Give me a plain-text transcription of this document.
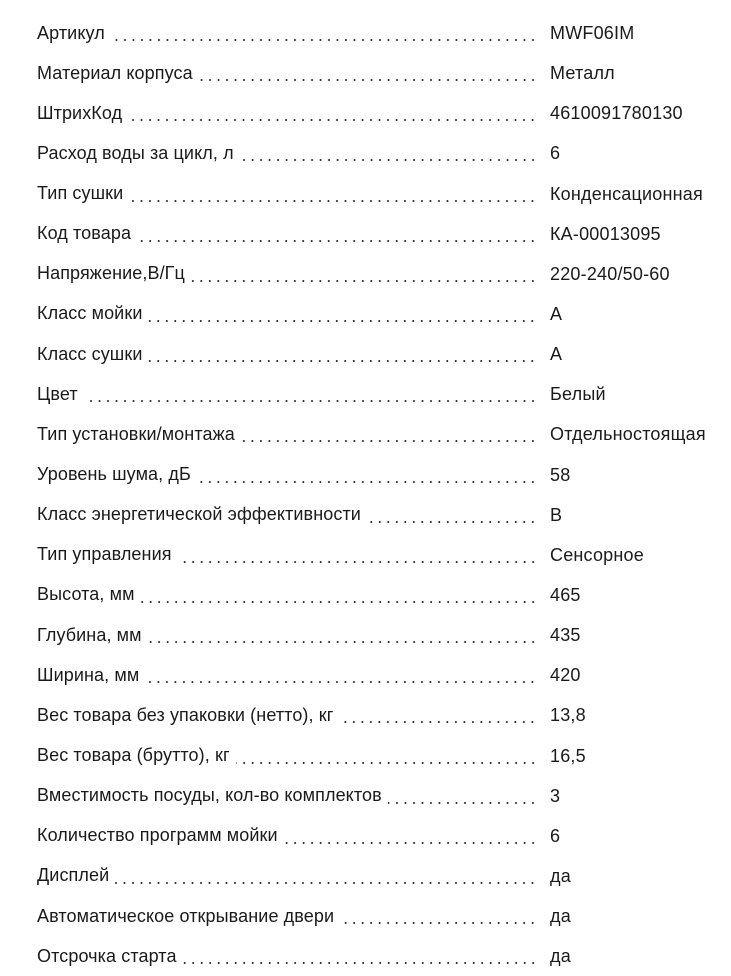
Артикул	MWF06IM
Материал корпуса	Металл
ШтрихКод	4610091780130
Расход воды за цикл, л	6
Тип сушки	Конденсационная
Код товара	КА-00013095
Напряжение,В/Гц	220-240/50-60
Класс мойки	A
Класс сушки	A
Цвет	Белый
Тип установки/монтажа	Отдельностоящая
Уровень шума, дБ	58
Класс энергетической эффективности	B
Тип управления	Сенсорное
Высота, мм	465
Глубина, мм	435
Ширина, мм	420
Вес товара без упаковки (нетто), кг	13,8
Вес товара (брутто), кг	16,5
Вместимость посуды, кол-во комплектов	3
Количество программ мойки	6
Дисплей	да
Автоматическое открывание двери	да
Отсрочка старта	да
